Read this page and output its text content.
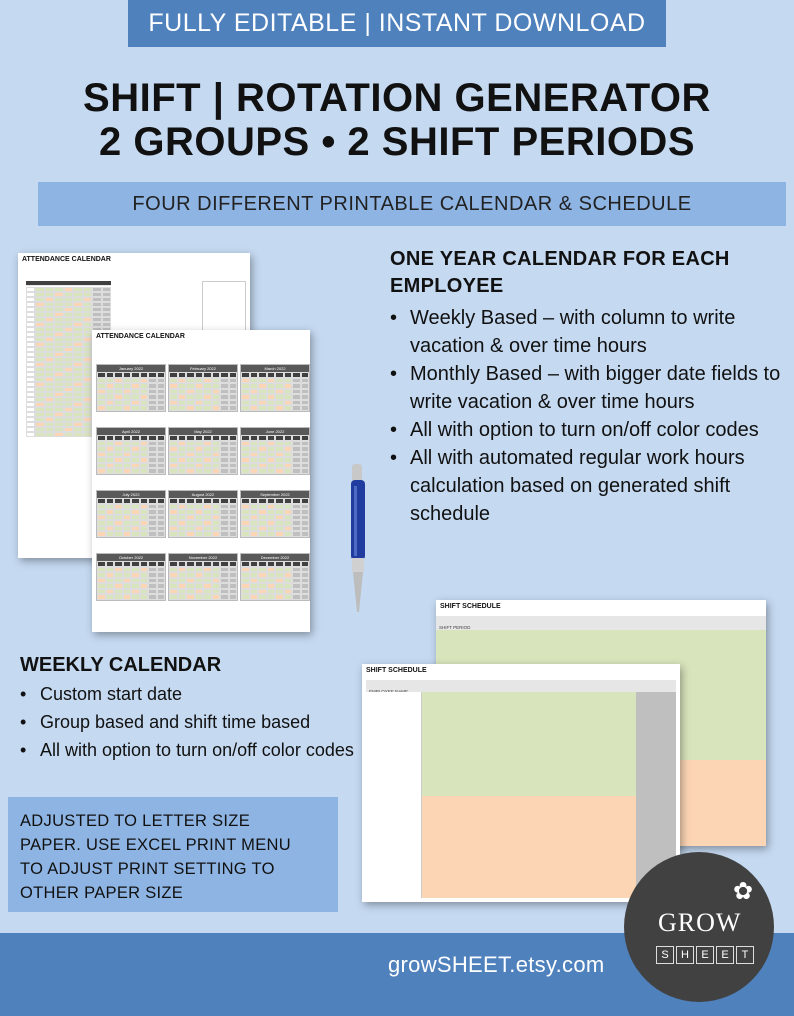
FULLY EDITABLE | INSTANT DOWNLOAD
SHIFT | ROTATION GENERATOR
2 GROUPS • 2 SHIFT PERIODS
FOUR DIFFERENT PRINTABLE CALENDAR & SCHEDULE
ATTENDANCE CALENDAR
ATTENDANCE CALENDAR
January 2022	February 2022	March 2022
April 2022	May 2022	June 2022
July 2022	August 2022	September 2022
October 2022	November 2022	December 2022
ONE YEAR CALENDAR FOR EACH
EMPLOYEE
• Weekly Based – with column to write vacation & over time hours
• Monthly Based – with bigger date fields to write vacation & over time hours
• All with option to turn on/off color codes
• All with automated regular work hours calculation based on generated shift schedule
SHIFT SCHEDULE
SHIFT PERIOD
SHIFT SCHEDULE
WEEKLY CALENDAR
• Custom start date
• Group based and shift time based
• All with option to turn on/off color codes
ADJUSTED TO LETTER SIZE
PAPER. USE EXCEL PRINT MENU
TO ADJUST PRINT SETTING TO
OTHER PAPER SIZE
growSHEET.etsy.com
✿
GROW
S	H	E	E	T
